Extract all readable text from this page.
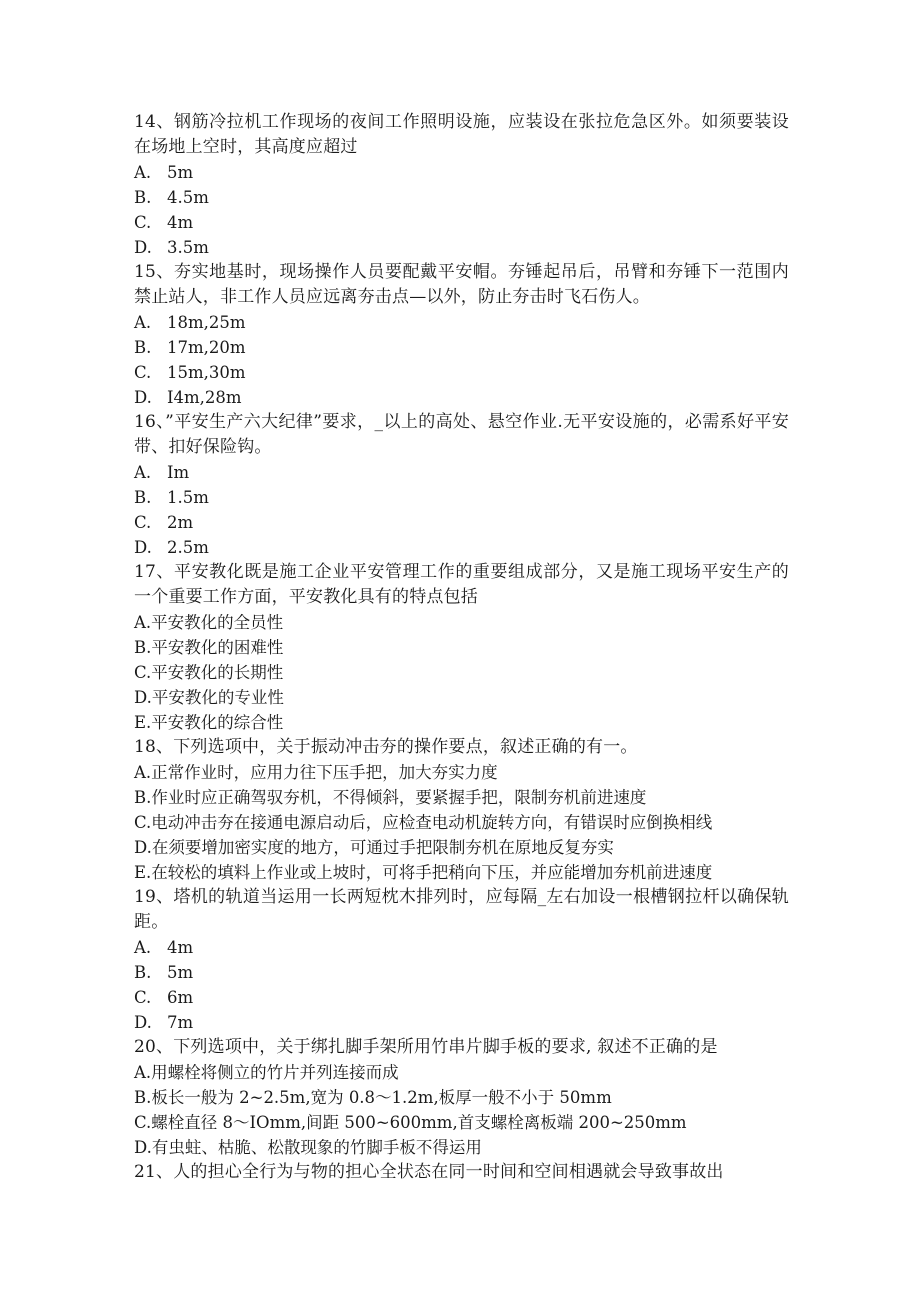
14、钢筋冷拉机工作现场的夜间工作照明设施，应装设在张拉危急区外。如须要装设在场地上空时，其高度应超过

A. 5m

B. 4.5m

C. 4m

D. 3.5m

15、夯实地基时，现场操作人员要配戴平安帽。夯锤起吊后，吊臂和夯锤下一范围内禁止站人，非工作人员应远离夯击点—以外，防止夯击时飞石伤人。

A. 18m,25m

B. 17m,20m

C. 15m,30m

D. I4m,28m

16、”平安生产六大纪律”要求，_以上的高处、悬空作业.无平安设施的，必需系好平安带、扣好保险钩。

A. Im

B. 1.5m

C. 2m

D. 2.5m

17、平安教化既是施工企业平安管理工作的重要组成部分，又是施工现场平安生产的一个重要工作方面，平安教化具有的特点包括

A.平安教化的全员性

B.平安教化的困难性

C.平安教化的长期性

D.平安教化的专业性

E.平安教化的综合性

18、下列选项中，关于振动冲击夯的操作要点，叙述正确的有一。

A.正常作业时，应用力往下压手把，加大夯实力度

B.作业时应正确驾驭夯机，不得倾斜，要紧握手把，限制夯机前进速度

C.电动冲击夯在接通电源启动后，应检查电动机旋转方向，有错误时应倒换相线

D.在须要增加密实度的地方，可通过手把限制夯机在原地反复夯实

E.在较松的填料上作业或上坡时，可将手把稍向下压，并应能增加夯机前进速度

19、塔机的轨道当运用一长两短枕木排列时，应每隔_左右加设一根槽钢拉杆以确保轨距。

A. 4m

B. 5m

C. 6m

D. 7m

20、下列选项中，关于绑扎脚手架所用竹串片脚手板的要求, 叙述不正确的是

A.用螺栓将侧立的竹片并列连接而成

B.板长一般为 2~2.5m,宽为 0.8〜1.2m,板厚一般不小于 50mm

C.螺栓直径 8〜IOmm,间距 500~600mm,首支螺栓离板端 200~250mm

D.有虫蛀、枯脆、松散现象的竹脚手板不得运用

21、人的担心全行为与物的担心全状态在同一时间和空间相遇就会导致事故出
